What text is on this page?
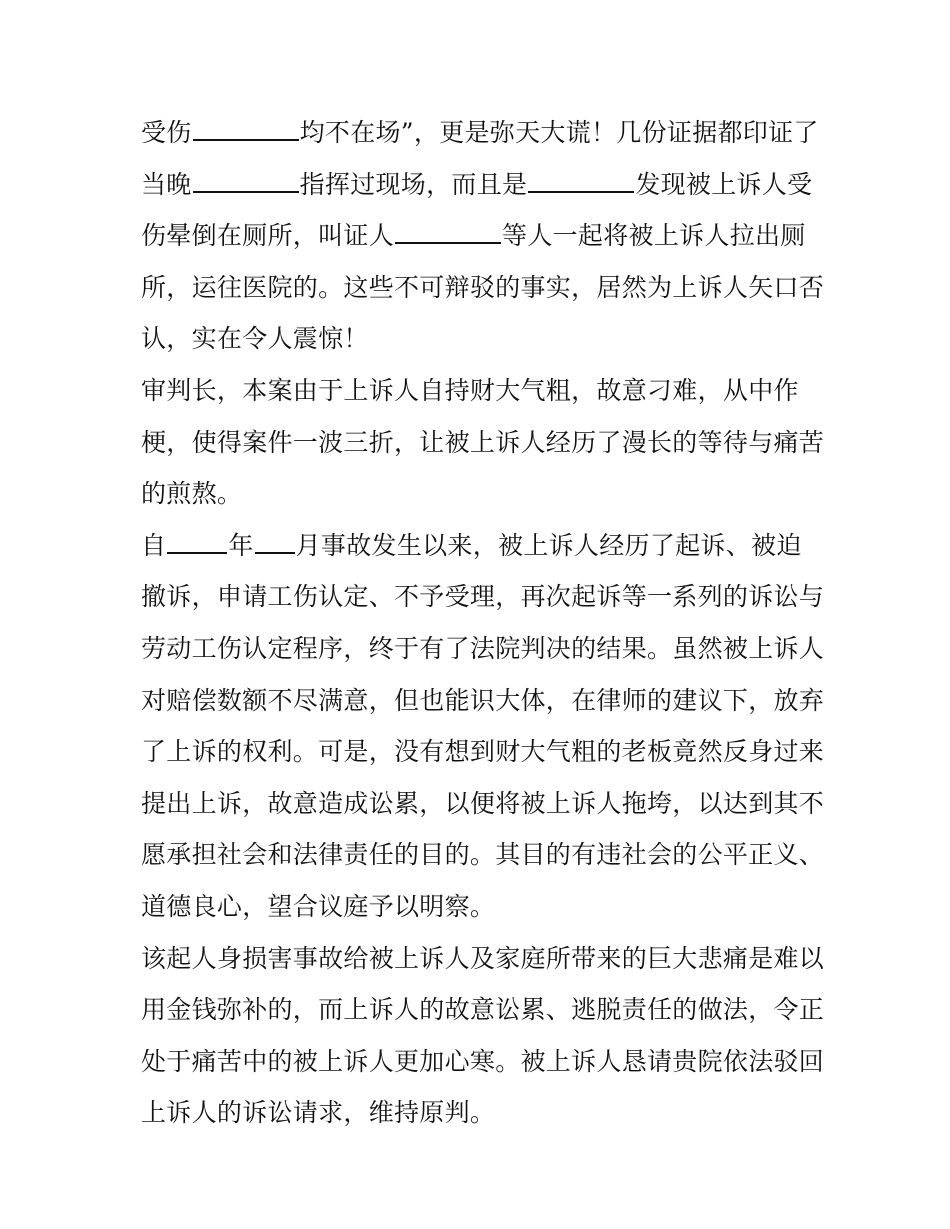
受伤	均不在场”，更是弥天大谎！几份证据都印证了
当晚	指挥过现场，而且是	发现被上诉人受
伤晕倒在厕所，叫证人	等人一起将被上诉人拉出厕
所，运往医院的。这些不可辩驳的事实，居然为上诉人矢口否
认，实在令人震惊！
审判长，本案由于上诉人自持财大气粗，故意刁难，从中作
梗，使得案件一波三折，让被上诉人经历了漫长的等待与痛苦
的煎熬。
自 年 月事故发生以来，被上诉人经历了起诉、被迫
撤诉，申请工伤认定、不予受理，再次起诉等一系列的诉讼与
劳动工伤认定程序，终于有了法院判决的结果。虽然被上诉人
对赔偿数额不尽满意，但也能识大体，在律师的建议下，放弃
了上诉的权利。可是，没有想到财大气粗的老板竟然反身过来
提出上诉，故意造成讼累，以便将被上诉人拖垮，以达到其不
愿承担社会和法律责任的目的。其目的有违社会的公平正义、
道德良心，望合议庭予以明察。
该起人身损害事故给被上诉人及家庭所带来的巨大悲痛是难以
用金钱弥补的，而上诉人的故意讼累、逃脱责任的做法，令正
处于痛苦中的被上诉人更加心寒。被上诉人恳请贵院依法驳回
上诉人的诉讼请求，维持原判。
